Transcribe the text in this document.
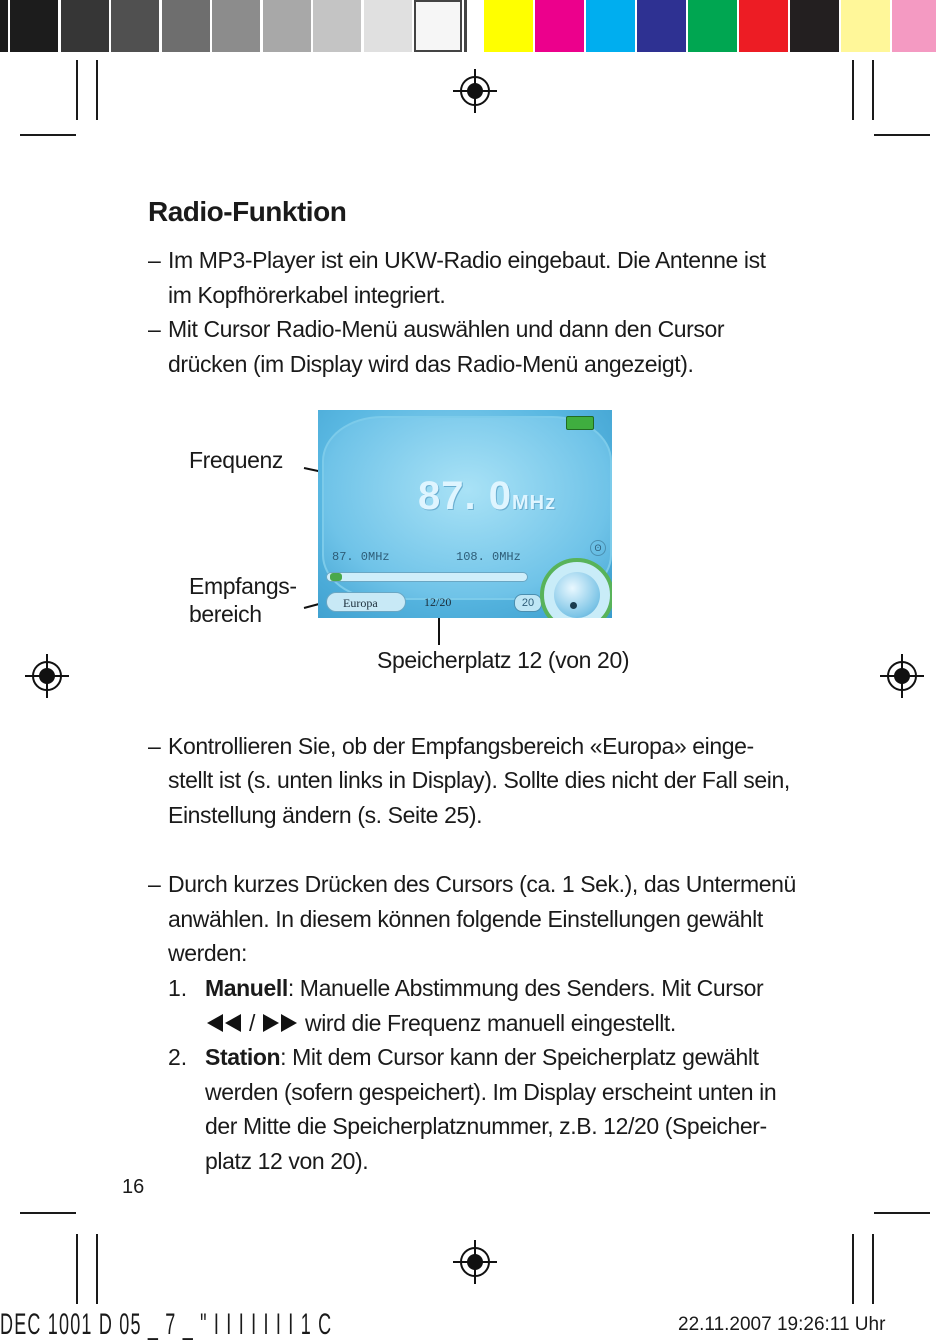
Radio-Funktion
– Im MP3-Player ist ein UKW-Radio eingebaut. Die Antenne ist
im Kopfhörerkabel integriert.
– Mit Cursor Radio-Menü auswählen und dann den Cursor
drücken (im Display wird das Radio-Menü angezeigt).
Frequenz
Empfangs-
bereich
Speicherplatz 12 (von 20)
87. 0MHz
87. 0MHz	108. 0MHz
ʘ
Europa	12/20	20
– Kontrollieren Sie, ob der Empfangsbereich «Europa» einge-
stellt ist (s. unten links in Display). Sollte dies nicht der Fall sein,
Einstellung ändern (s. Seite 25).
– Durch kurzes Drücken des Cursors (ca. 1 Sek.), das Untermenü
anwählen. In diesem können folgende Einstellungen gewählt
werden:
1. Manuell: Manuelle Abstimmung des Senders. Mit Cursor
/ wird die Frequenz manuell eingestellt.
2. Station: Mit dem Cursor kann der Speicherplatz gewählt
werden (sofern gespeichert). Im Display erscheint unten in
der Mitte die Speicherplatznummer, z.B. 12/20 (Speicher-
platz 12 von 20).
16
DEC 1001 D 05 _ 7 _ " I I I I I I I 1 C	22.11.2007 19:26:11 Uhr
